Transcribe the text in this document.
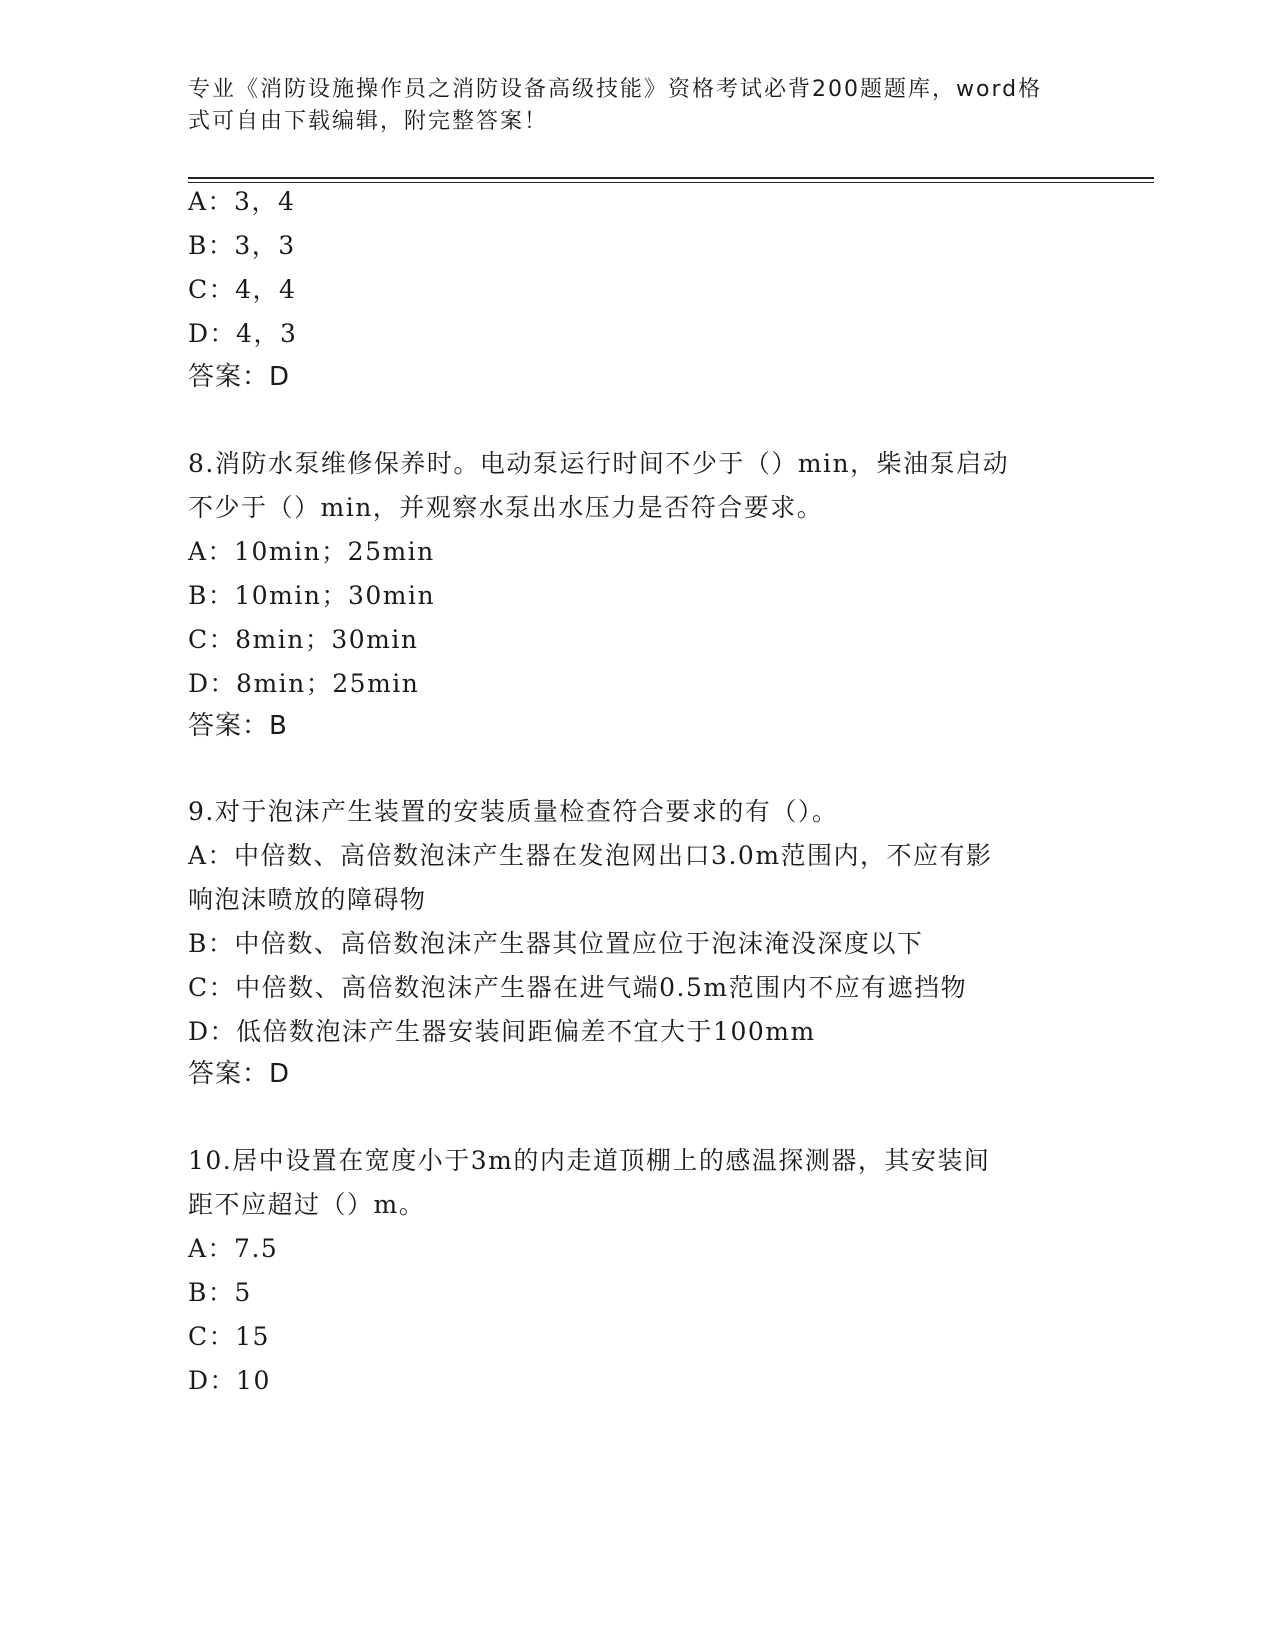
专业《消防设施操作员之消防设备高级技能》资格考试必背200题题库，word格
式可自由下载编辑，附完整答案！
A：3，4
B：3，3
C：4，4
D：4，3
答案：D
8.消防水泵维修保养时。电动泵运行时间不少于（）min，柴油泵启动
不少于（）min，并观察水泵出水压力是否符合要求。
A：10min；25min
B：10min；30min
C：8min；30min
D：8min；25min
答案：B
9.对于泡沫产生装置的安装质量检查符合要求的有（）。
A：中倍数、高倍数泡沫产生器在发泡网出口3.0m范围内，不应有影
响泡沫喷放的障碍物
B：中倍数、高倍数泡沫产生器其位置应位于泡沫淹没深度以下
C：中倍数、高倍数泡沫产生器在进气端0.5m范围内不应有遮挡物
D：低倍数泡沫产生器安装间距偏差不宜大于100mm
答案：D
10.居中设置在宽度小于3m的内走道顶棚上的感温探测器，其安装间
距不应超过（）m。
A：7.5
B：5
C：15
D：10
